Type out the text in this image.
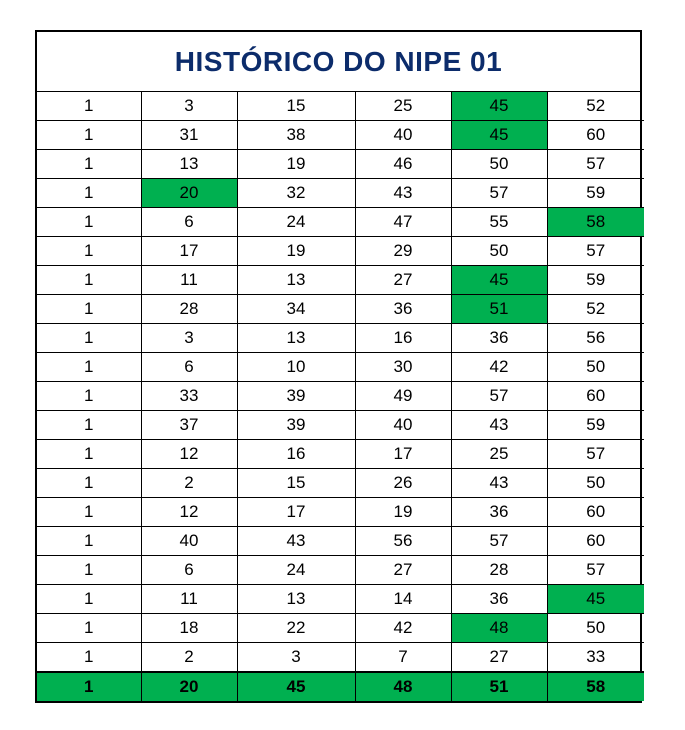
HISTÓRICO DO NIPE 01
1	3	15	25	45	52
1	31	38	40	45	60
1	13	19	46	50	57
1	20	32	43	57	59
1	6	24	47	55	58
1	17	19	29	50	57
1	11	13	27	45	59
1	28	34	36	51	52
1	3	13	16	36	56
1	6	10	30	42	50
1	33	39	49	57	60
1	37	39	40	43	59
1	12	16	17	25	57
1	2	15	26	43	50
1	12	17	19	36	60
1	40	43	56	57	60
1	6	24	27	28	57
1	11	13	14	36	45
1	18	22	42	48	50
1	2	3	7	27	33
1	20	45	48	51	58
